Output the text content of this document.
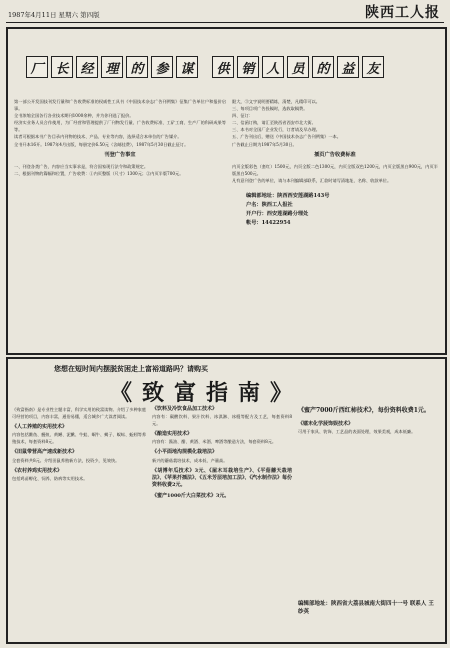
1987年4月11日 星期六 第四版	陕西工人报
厂 长 经 理 的 参 谋	供 销 人 员 的 益 友

第一部公开发国技刊发行量和广告收费标准的权威性工具书《中国技术杂志广告刊例集》征集广告单位户和报价启事。

全书浓缩全国各行各业技术期刊1000余种，并为你刊选了报价。

经济实业务人员合作使用，为厂经营和管理提供了厂刊物发行量、广告收费标准、工矿工商、生产厂的科研成果等等。

读者可根据本书广告目录内刊物的技术、产品、专业等内容，选择适合本单位的广告媒介。

全书开本16开。1987年4月出版，每册定价6.50元（含邮挂费），1987年5月30日截止征订。

刊登广告事宜

一、刊登各类广告，内容应当实事求是，符合国家现行法令和政策规定。

二、根据刊物的篇幅和位置，广告收费：①内页整版（尺寸）1300元；②内页半版700元。

限大，③文字说明要精练，清楚，凡精印可以。

三、每项目项广告投稿时，选收取稿费。

四、征订：

二、信函订购，请汇至陕西省西安市北大街。

三、本书对全国厂企业发行，订者请及早办理。

五、广告刊出后，赠送《中国技术杂志广告刊例集》一本。

广告截止日期为1987年5月30日。

插页广告收费标准

内页全版彩色（套红）1500元，内页全版二色1300元，内页全版双色1200元，内页全版黑白900元，内页半版黑白500元。

凡有意刊登广告的单位，请与本刊编辑部联系，汇款时请写清地址、名称、收款单位。

编辑部地址：陕西西安莲湖路143号
户名：陕西工人报社
开户行：西安莲湖路分理处
帐号：14422954
您想在短时间内摆脱贫困走上富裕道路吗？请购买
《致富指南》

《致富指南》是专业性主题丰富，科学实用的致富读物。介绍了多种家庭可经营的项目，内容丰富，通俗易懂，适合城乡广大读者阅读。

《人工养殖的实用技术》

内容包括鳖鱼、鳗鱼、黄鳝、泥鳅、牛蛙、蜗牛、蝎子、蜈蚣、蚯蚓等养殖技术，每套资料8元。

《田鼠带营高产速成新技术》

全套资料共8元。介绍田鼠养殖新方法，投资少，见效快。

《农村养鸡实用技术》

包括鸡苗孵化、饲养、防病等实用技术。

《饮料及冷饮食品加工技术》

内容有：碳酸饮料、果汁饮料、冰淇淋、冰棍等配方及工艺，每套资料8元。

《酿造实用技术》

内容有：酱油、醋、黄酒、米酒、啤酒等酿造方法，每套资料8元。

《小平面地沟规模化栽培法》

新兴的蘑菇栽培技术，成本低、产量高。

《胡博年瓜技术》3元、《屋木耳栽培生产》、《平菇蘑天栽培法》、《苹果扦插法》、《五米芳层培加工法》、《汽水制作法》每份资料收费2元。
《蜜产1000斤大白菜技术》3元。
《蜜产7000斤西红柿技术》，每份资料收费1元。
《镭末化学菠饰娱技术》

可用于家具、装饰、工艺品的表面处理，效果美观，成本低廉。

编辑部地址：陕西省大荔县城南大街四十一号 联系人 王纱英
